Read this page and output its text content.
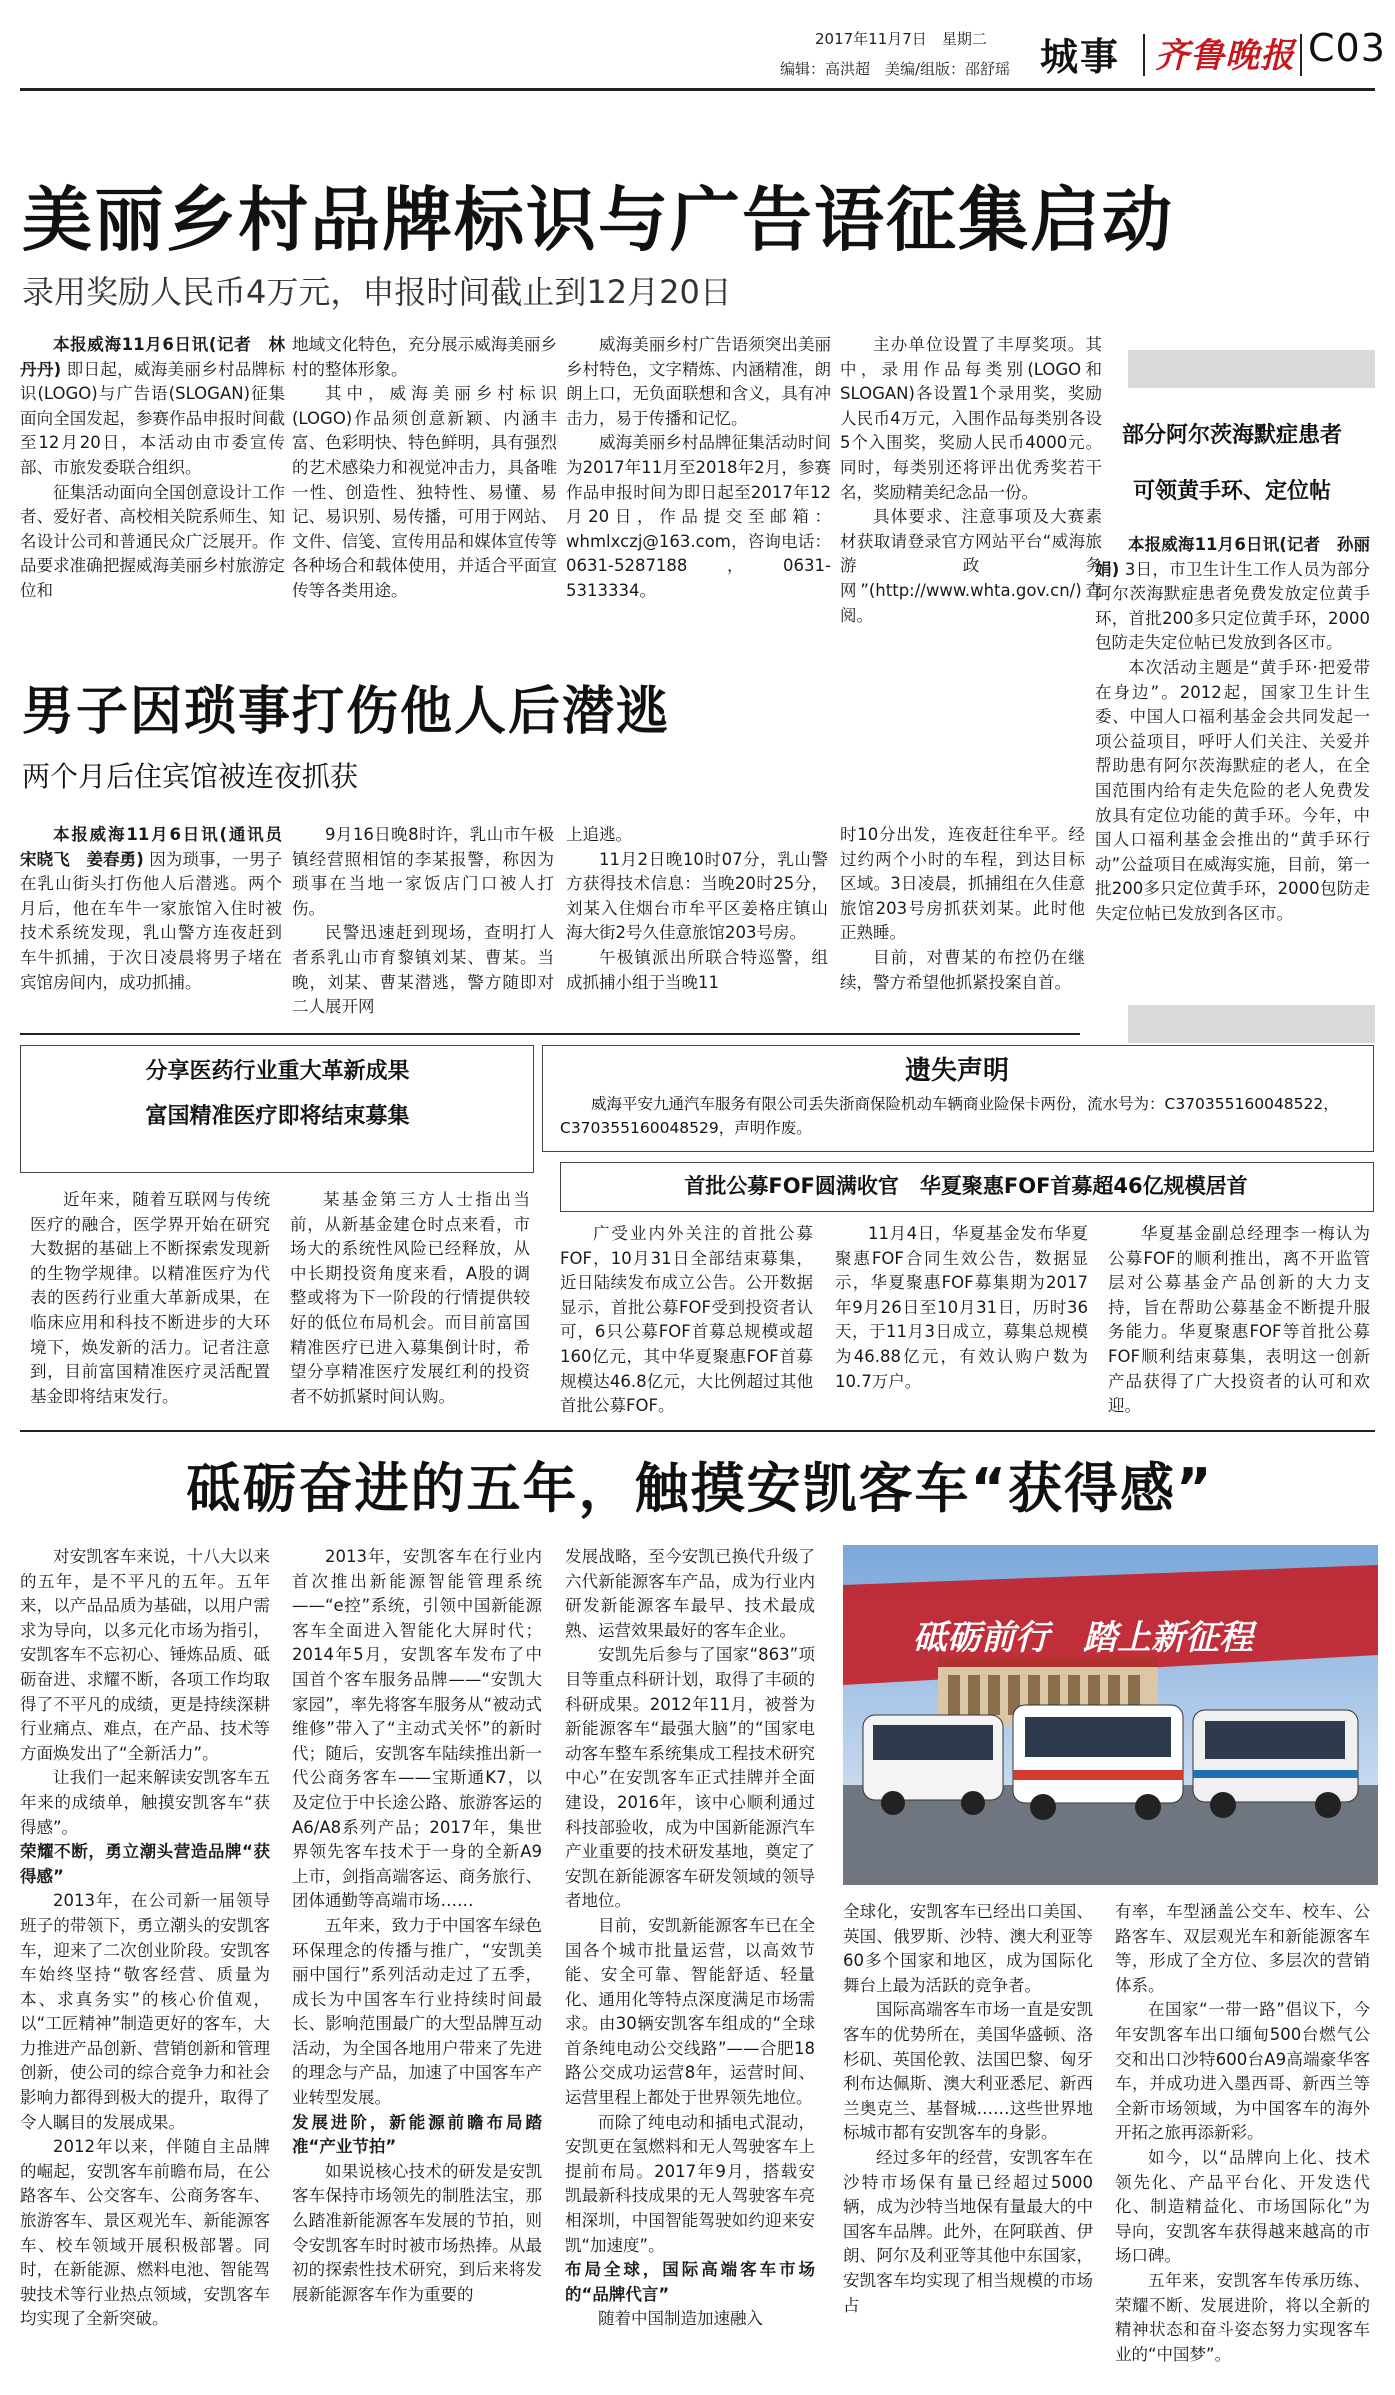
2017年11月7日　 星期二
编辑：高洪超　美编/组版：邵舒瑶 城事 齐鲁晚报 C03
美丽乡村品牌标识与广告语征集启动
录用奖励人民币4万元，申报时间截止到12月20日

本报威海11月6日讯(记者　林丹丹) 即日起，威海美丽乡村品牌标识(LOGO)与广告语(SLOGAN)征集面向全国发起，参赛作品申报时间截至12月20日，本活动由市委宣传部、市旅发委联合组织。

征集活动面向全国创意设计工作者、爱好者、高校相关院系师生、知名设计公司和普通民众广泛展开。作品要求准确把握威海美丽乡村旅游定位和

地域文化特色，充分展示威海美丽乡村的整体形象。

其中，威海美丽乡村标识(LOGO)作品须创意新颖、内涵丰富、色彩明快、特色鲜明，具有强烈的艺术感染力和视觉冲击力，具备唯一性、创造性、独特性、易懂、易记、易识别、易传播，可用于网站、文件、信笺、宣传用品和媒体宣传等各种场合和载体使用，并适合平面宣传等各类用途。

威海美丽乡村广告语须突出美丽乡村特色，文字精炼、内涵精准，朗朗上口，无负面联想和含义，具有冲击力，易于传播和记忆。

威海美丽乡村品牌征集活动时间为2017年11月至2018年2月，参赛作品申报时间为即日起至2017年12月20日，作品提交至邮箱：whmlxczj@163.com，咨询电话：0631-5287188，0631-5313334。

主办单位设置了丰厚奖项。其中，录用作品每类别(LOGO和SLOGAN)各设置1个录用奖，奖励人民币4万元，入围作品每类别各设5个入围奖，奖励人民币4000元。同时，每类别还将评出优秀奖若干名，奖励精美纪念品一份。

具体要求、注意事项及大赛素材获取请登录官方网站平台“威海旅游政务网”(http://www.whta.gov.cn/)查阅。

部分阿尔茨海默症患者
可领黄手环、定位帖

本报威海11月6日讯(记者　孙丽娟) 3日，市卫生计生工作人员为部分阿尔茨海默症患者免费发放定位黄手环，首批200多只定位黄手环，2000包防走失定位帖已发放到各区市。

本次活动主题是“黄手环·把爱带在身边”。2012起，国家卫生计生委、中国人口福利基金会共同发起一项公益项目，呼吁人们关注、关爱并帮助患有阿尔茨海默症的老人，在全国范围内给有走失危险的老人免费发放具有定位功能的黄手环。今年，中国人口福利基金会推出的“黄手环行动”公益项目在威海实施，目前，第一批200多只定位黄手环，2000包防走失定位帖已发放到各区市。

男子因琐事打伤他人后潜逃
两个月后住宾馆被连夜抓获

本报威海11月6日讯(通讯员　宋晓飞　姜春勇) 因为琐事，一男子在乳山街头打伤他人后潜逃。两个月后，他在车牛一家旅馆入住时被技术系统发现，乳山警方连夜赶到车牛抓捕，于次日凌晨将男子堵在宾馆房间内，成功抓捕。

9月16日晚8时许，乳山市午极镇经营照相馆的李某报警，称因为琐事在当地一家饭店门口被人打伤。

民警迅速赶到现场，查明打人者系乳山市育黎镇刘某、曹某。当晚，刘某、曹某潜逃，警方随即对二人展开网

上追逃。

11月2日晚10时07分，乳山警方获得技术信息：当晚20时25分，刘某入住烟台市牟平区姜格庄镇山海大街2号久佳意旅馆203号房。

午极镇派出所联合特巡警，组成抓捕小组于当晚11

时10分出发，连夜赶往牟平。经过约两个小时的车程，到达目标区域。3日凌晨，抓捕组在久佳意旅馆203号房抓获刘某。此时他正熟睡。

目前，对曹某的布控仍在继续，警方希望他抓紧投案自首。

分享医药行业重大革新成果
富国精准医疗即将结束募集

近年来，随着互联网与传统医疗的融合，医学界开始在研究大数据的基础上不断探索发现新的生物学规律。以精准医疗为代表的医药行业重大革新成果，在临床应用和科技不断进步的大环境下，焕发新的活力。记者注意到，目前富国精准医疗灵活配置基金即将结束发行。

某基金第三方人士指出当前，从新基金建仓时点来看，市场大的系统性风险已经释放，从中长期投资角度来看，A股的调整或将为下一阶段的行情提供较好的低位布局机会。而目前富国精准医疗已进入募集倒计时，希望分享精准医疗发展红利的投资者不妨抓紧时间认购。

遗失声明
威海平安九通汽车服务有限公司丢失浙商保险机动车辆商业险保卡两份，流水号为：C370355160048522，C370355160048529，声明作废。
首批公募FOF圆满收官　华夏聚惠FOF首募超46亿规模居首

广受业内外关注的首批公募FOF，10月31日全部结束募集，近日陆续发布成立公告。公开数据显示，首批公募FOF受到投资者认可，6只公募FOF首募总规模或超160亿元，其中华夏聚惠FOF首募规模达46.8亿元，大比例超过其他首批公募FOF。

11月4日，华夏基金发布华夏聚惠FOF合同生效公告，数据显示，华夏聚惠FOF募集期为2017年9月26日至10月31日，历时36天，于11月3日成立，募集总规模为46.88亿元，有效认购户数为10.7万户。

华夏基金副总经理李一梅认为公募FOF的顺利推出，离不开监管层对公募基金产品创新的大力支持，旨在帮助公募基金不断提升服务能力。华夏聚惠FOF等首批公募FOF顺利结束募集，表明这一创新产品获得了广大投资者的认可和欢迎。

砥砺奋进的五年，触摸安凯客车“获得感”

对安凯客车来说，十八大以来的五年，是不平凡的五年。五年来，以产品品质为基础，以用户需求为导向，以多元化市场为指引，安凯客车不忘初心、锤炼品质、砥砺奋进、求耀不断，各项工作均取得了不平凡的成绩，更是持续深耕行业痛点、难点，在产品、技术等方面焕发出了“全新活力”。

让我们一起来解读安凯客车五年来的成绩单，触摸安凯客车“获得感”。

荣耀不断，勇立潮头营造品牌“获得感”

2013年，在公司新一届领导班子的带领下，勇立潮头的安凯客车，迎来了二次创业阶段。安凯客车始终坚持“敬客经营、质量为本、求真务实”的核心价值观，以“工匠精神”制造更好的客车，大力推进产品创新、营销创新和管理创新，使公司的综合竞争力和社会影响力都得到极大的提升，取得了令人瞩目的发展成果。

2012年以来，伴随自主品牌的崛起，安凯客车前瞻布局，在公路客车、公交客车、公商务客车、旅游客车、景区观光车、新能源客车、校车领域开展积极部署。同时，在新能源、燃料电池、智能驾驶技术等行业热点领域，安凯客车均实现了全新突破。

2013年，安凯客车在行业内首次推出新能源智能管理系统——“e控”系统，引领中国新能源客车全面进入智能化大屏时代；2014年5月，安凯客车发布了中国首个客车服务品牌——“安凯大家园”，率先将客车服务从“被动式维修”带入了“主动式关怀”的新时代；随后，安凯客车陆续推出新一代公商务客车——宝斯通K7，以及定位于中长途公路、旅游客运的A6/A8系列产品；2017年，集世界领先客车技术于一身的全新A9上市，剑指高端客运、商务旅行、团体通勤等高端市场……

五年来，致力于中国客车绿色环保理念的传播与推广，“安凯美丽中国行”系列活动走过了五季，成长为中国客车行业持续时间最长、影响范围最广的大型品牌互动活动，为全国各地用户带来了先进的理念与产品，加速了中国客车产业转型发展。

发展进阶，新能源前瞻布局踏准“产业节拍”

如果说核心技术的研发是安凯客车保持市场领先的制胜法宝，那么踏准新能源客车发展的节拍，则令安凯客车时时被市场热捧。从最初的探索性技术研究，到后来将发展新能源客车作为重要的

发展战略，至今安凯已换代升级了六代新能源客车产品，成为行业内研发新能源客车最早、技术最成熟、运营效果最好的客车企业。

安凯先后参与了国家“863”项目等重点科研计划，取得了丰硕的科研成果。2012年11月，被誉为新能源客车“最强大脑”的“国家电动客车整车系统集成工程技术研究中心”在安凯客车正式挂牌并全面建设，2016年，该中心顺利通过科技部验收，成为中国新能源汽车产业重要的技术研发基地，奠定了安凯在新能源客车研发领域的领导者地位。

目前，安凯新能源客车已在全国各个城市批量运营，以高效节能、安全可靠、智能舒适、轻量化、通用化等特点深度满足市场需求。由30辆安凯客车组成的“全球首条纯电动公交线路”——合肥18路公交成功运营8年，运营时间、运营里程上都处于世界领先地位。

而除了纯电动和插电式混动，安凯更在氢燃料和无人驾驶客车上提前布局。2017年9月，搭载安凯最新科技成果的无人驾驶客车亮相深圳，中国智能驾驶如约迎来安凯“加速度”。

布局全球，国际高端客车市场的“品牌代言”

随着中国制造加速融入

砥砺前行　踏上新征程

全球化，安凯客车已经出口美国、英国、俄罗斯、沙特、澳大利亚等60多个国家和地区，成为国际化舞台上最为活跃的竞争者。

国际高端客车市场一直是安凯客车的优势所在，美国华盛顿、洛杉矶、英国伦敦、法国巴黎、匈牙利布达佩斯、澳大利亚悉尼、新西兰奥克兰、基督城……这些世界地标城市都有安凯客车的身影。

经过多年的经营，安凯客车在沙特市场保有量已经超过5000辆，成为沙特当地保有量最大的中国客车品牌。此外，在阿联酋、伊朗、阿尔及利亚等其他中东国家，安凯客车均实现了相当规模的市场占

有率，车型涵盖公交车、校车、公路客车、双层观光车和新能源客车等，形成了全方位、多层次的营销体系。

在国家“一带一路”倡议下，今年安凯客车出口缅甸500台燃气公交和出口沙特600台A9高端豪华客车，并成功进入墨西哥、新西兰等全新市场领域，为中国客车的海外开拓之旅再添新彩。

如今，以“品牌向上化、技术领先化、产品平台化、开发迭代化、制造精益化、市场国际化”为导向，安凯客车获得越来越高的市场口碑。

五年来，安凯客车传承历练、荣耀不断、发展进阶，将以全新的精神状态和奋斗姿态努力实现客车业的“中国梦”。
